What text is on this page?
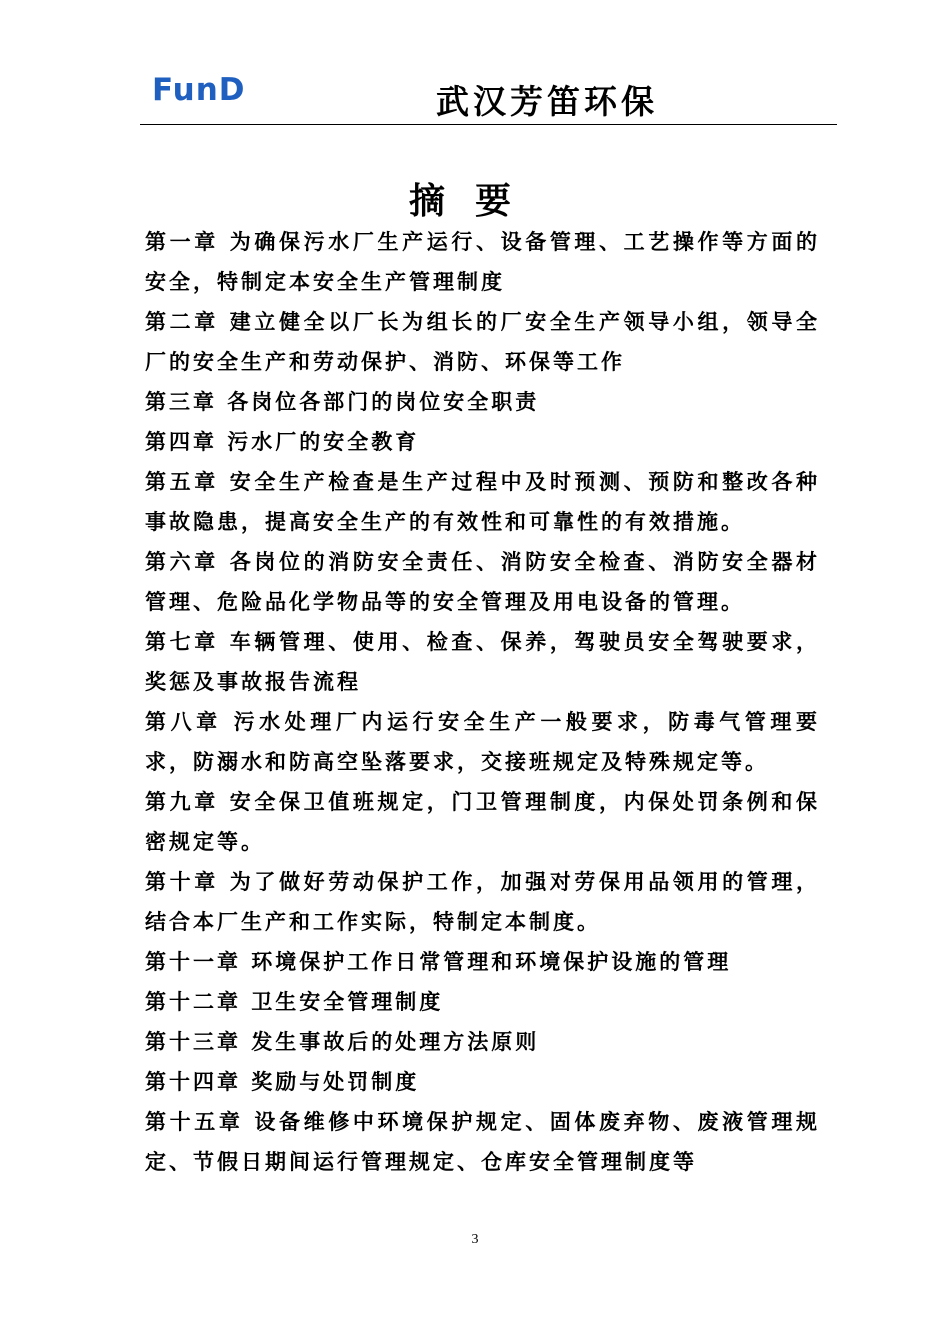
FunD	武汉芳笛环保
摘要

第一章 为确保污水厂生产运行、设备管理、工艺操作等方面的安全，特制定本安全生产管理制度

第二章 建立健全以厂长为组长的厂安全生产领导小组，领导全厂的安全生产和劳动保护、消防、环保等工作

第三章 各岗位各部门的岗位安全职责

第四章 污水厂的安全教育

第五章 安全生产检查是生产过程中及时预测、预防和整改各种事故隐患，提高安全生产的有效性和可靠性的有效措施。

第六章 各岗位的消防安全责任、消防安全检查、消防安全器材管理、危险品化学物品等的安全管理及用电设备的管理。

第七章 车辆管理、使用、检查、保养，驾驶员安全驾驶要求，奖惩及事故报告流程

第八章 污水处理厂内运行安全生产一般要求，防毒气管理要求，防溺水和防高空坠落要求，交接班规定及特殊规定等。

第九章 安全保卫值班规定，门卫管理制度，内保处罚条例和保密规定等。

第十章 为了做好劳动保护工作，加强对劳保用品领用的管理，结合本厂生产和工作实际，特制定本制度。

第十一章 环境保护工作日常管理和环境保护设施的管理

第十二章 卫生安全管理制度

第十三章 发生事故后的处理方法原则

第十四章 奖励与处罚制度

第十五章 设备维修中环境保护规定、固体废弃物、废液管理规定、节假日期间运行管理规定、仓库安全管理制度等

3
